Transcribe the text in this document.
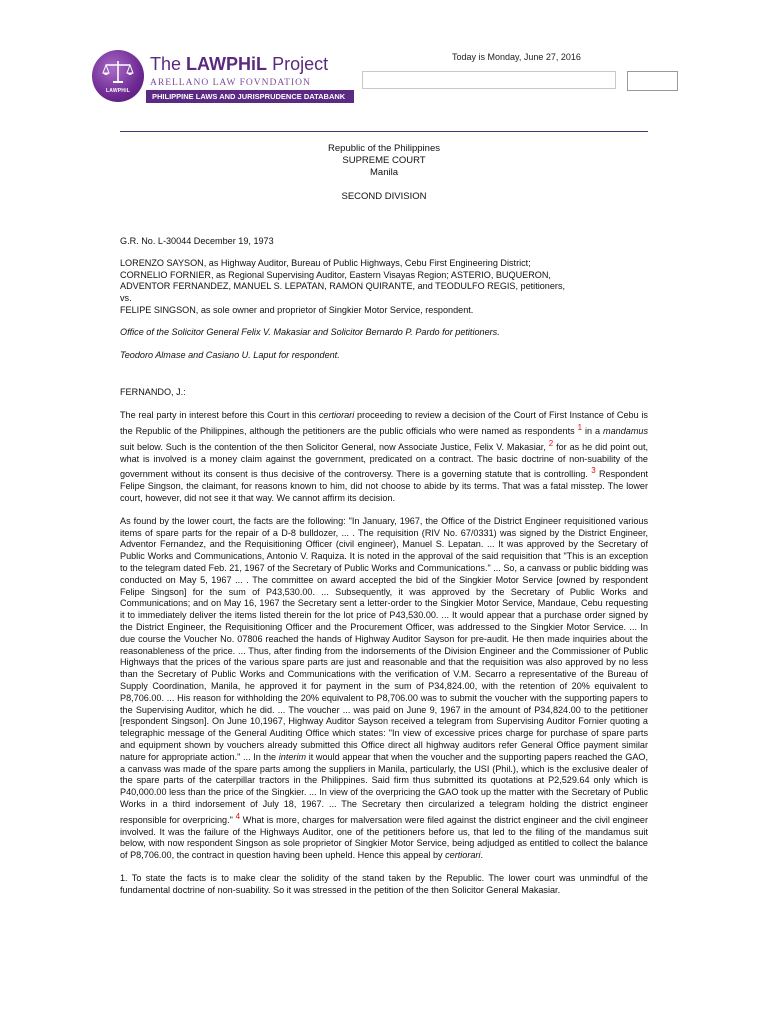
LAWPHiL
The LAWPHiL Project
ARELLANO LAW FOVNDATION
PHILIPPINE LAWS AND JURISPRUDENCE DATABANK
Today is Monday, June 27, 2016
Republic of the Philippines
SUPREME COURT
Manila
SECOND DIVISION

G.R. No. L-30044 December 19, 1973

LORENZO SAYSON, as Highway Auditor, Bureau of Public Highways, Cebu First Engineering District;
CORNELIO FORNIER, as Regional Supervising Auditor, Eastern Visayas Region; ASTERIO, BUQUERON,
ADVENTOR FERNANDEZ, MANUEL S. LEPATAN, RAMON QUIRANTE, and TEODULFO REGIS, petitioners,
vs.
FELIPE SINGSON, as sole owner and proprietor of Singkier Motor Service, respondent.

Office of the Solicitor General Felix V. Makasiar and Solicitor Bernardo P. Pardo for petitioners.

Teodoro Almase and Casiano U. Laput for respondent.

FERNANDO, J.:

The real party in interest before this Court in this certiorari proceeding to review a decision of the Court of First Instance of Cebu is the Republic of the Philippines, although the petitioners are the public officials who were named as respondents $^1$ in a mandamus suit below. Such is the contention of the then Solicitor General, now Associate Justice, Felix V. Makasiar, $^2$ for as he did point out, what is involved is a money claim against the government, predicated on a contract. The basic doctrine of non-suability of the government without its consent is thus decisive of the controversy. There is a governing statute that is controlling. $^3$ Respondent Felipe Singson, the claimant, for reasons known to him, did not choose to abide by its terms. That was a fatal misstep. The lower court, however, did not see it that way. We cannot affirm its decision.

As found by the lower court, the facts are the following: "In January, 1967, the Office of the District Engineer requisitioned various items of spare parts for the repair of a D-8 bulldozer, ... . The requisition (RIV No. 67/0331) was signed by the District Engineer, Adventor Fernandez, and the Requisitioning Officer (civil engineer), Manuel S. Lepatan. ... It was approved by the Secretary of Public Works and Communications, Antonio V. Raquiza. It is noted in the approval of the said requisition that "This is an exception to the telegram dated Feb. 21, 1967 of the Secretary of Public Works and Communications." ... So, a canvass or public bidding was conducted on May 5, 1967 ... . The committee on award accepted the bid of the Singkier Motor Service [owned by respondent Felipe Singson] for the sum of P43,530.00. ... Subsequently, it was approved by the Secretary of Public Works and Communications; and on May 16, 1967 the Secretary sent a letter-order to the Singkier Motor Service, Mandaue, Cebu requesting it to immediately deliver the items listed therein for the lot price of P43,530.00. ... It would appear that a purchase order signed by the District Engineer, the Requisitioning Officer and the Procurement Officer, was addressed to the Singkier Motor Service. ... In due course the Voucher No. 07806 reached the hands of Highway Auditor Sayson for pre-audit. He then made inquiries about the reasonableness of the price. ... Thus, after finding from the indorsements of the Division Engineer and the Commissioner of Public Highways that the prices of the various spare parts are just and reasonable and that the requisition was also approved by no less than the Secretary of Public Works and Communications with the verification of V.M. Secarro a representative of the Bureau of Supply Coordination, Manila, he approved it for payment in the sum of P34,824.00, with the retention of 20% equivalent to P8,706.00. ... His reason for withholding the 20% equivalent to P8,706.00 was to submit the voucher with the supporting papers to the Supervising Auditor, which he did. ... The voucher ... was paid on June 9, 1967 in the amount of P34,824.00 to the petitioner [respondent Singson]. On June 10,1967, Highway Auditor Sayson received a telegram from Supervising Auditor Fornier quoting a telegraphic message of the General Auditing Office which states: "In view of excessive prices charge for purchase of spare parts and equipment shown by vouchers already submitted this Office direct all highway auditors refer General Office payment similar nature for appropriate action." ... In the interim it would appear that when the voucher and the supporting papers reached the GAO, a canvass was made of the spare parts among the suppliers in Manila, particularly, the USI (Phil.), which is the exclusive dealer of the spare parts of the caterpillar tractors in the Philippines. Said firm thus submitted its quotations at P2,529.64 only which is P40,000.00 less than the price of the Singkier. ... In view of the overpricing the GAO took up the matter with the Secretary of Public Works in a third indorsement of July 18, 1967. ... The Secretary then circularized a telegram holding the district engineer responsible for overpricing." $^4$ What is more, charges for malversation were filed against the district engineer and the civil engineer involved. It was the failure of the Highways Auditor, one of the petitioners before us, that led to the filing of the mandamus suit below, with now respondent Singson as sole proprietor of Singkier Motor Service, being adjudged as entitled to collect the balance of P8,706.00, the contract in question having been upheld. Hence this appeal by certiorari.

1. To state the facts is to make clear the solidity of the stand taken by the Republic. The lower court was unmindful of the fundamental doctrine of non-suability. So it was stressed in the petition of the then Solicitor General Makasiar.
